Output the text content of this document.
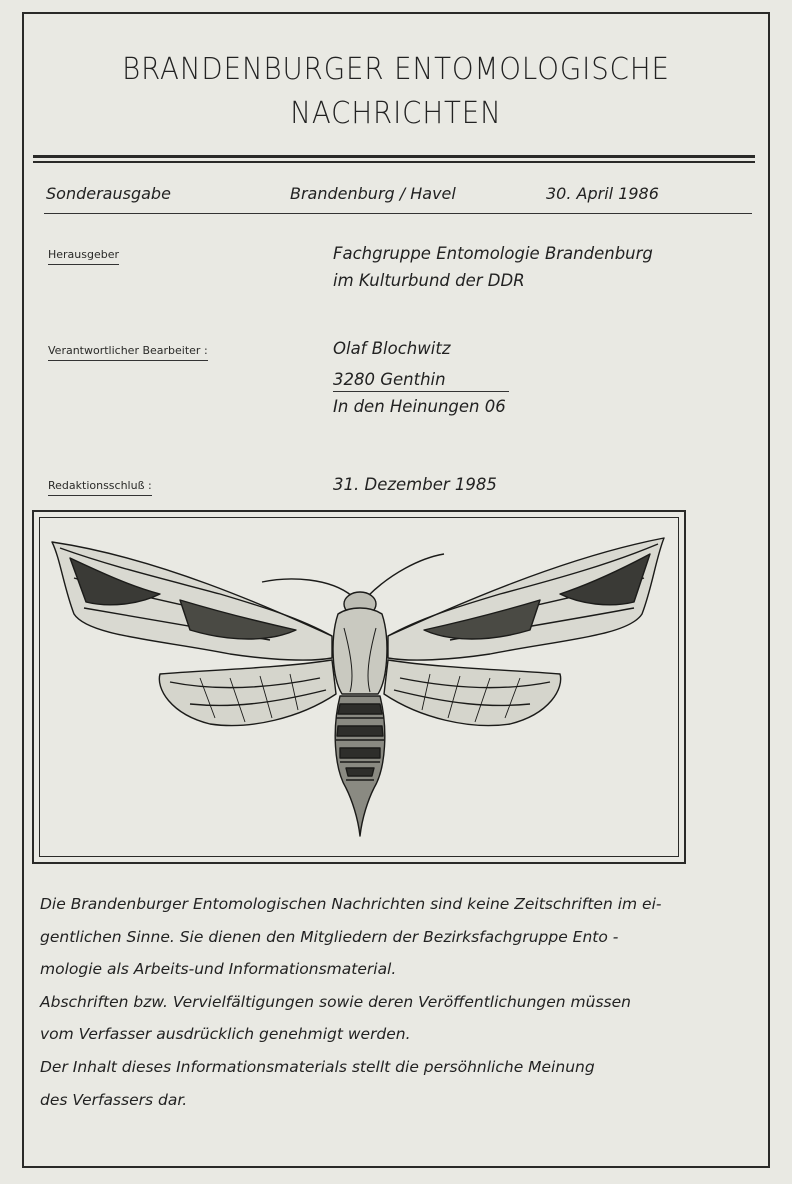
BRANDENBURGER ENTOMOLOGISCHE
NACHRICHTEN
Sonderausgabe	Brandenburg / Havel	30. April 1986
Herausgeber	Fachgruppe Entomologie Brandenburg
im Kulturbund der DDR
Verantwortlicher Bearbeiter :	Olaf Blochwitz
3280 Genthin
In den Heinungen 06
Redaktionsschluß :	31. Dezember 1985

Die Brandenburger Entomologischen Nachrichten sind keine Zeitschriften im ei-

gentlichen Sinne. Sie dienen den Mitgliedern der Bezirksfachgruppe Ento -

mologie als Arbeits-und Informationsmaterial.

Abschriften bzw. Vervielfältigungen sowie deren Veröffentlichungen müssen

vom Verfasser ausdrücklich genehmigt werden.

Der Inhalt dieses Informationsmaterials stellt die persöhnliche Meinung

des Verfassers dar.
